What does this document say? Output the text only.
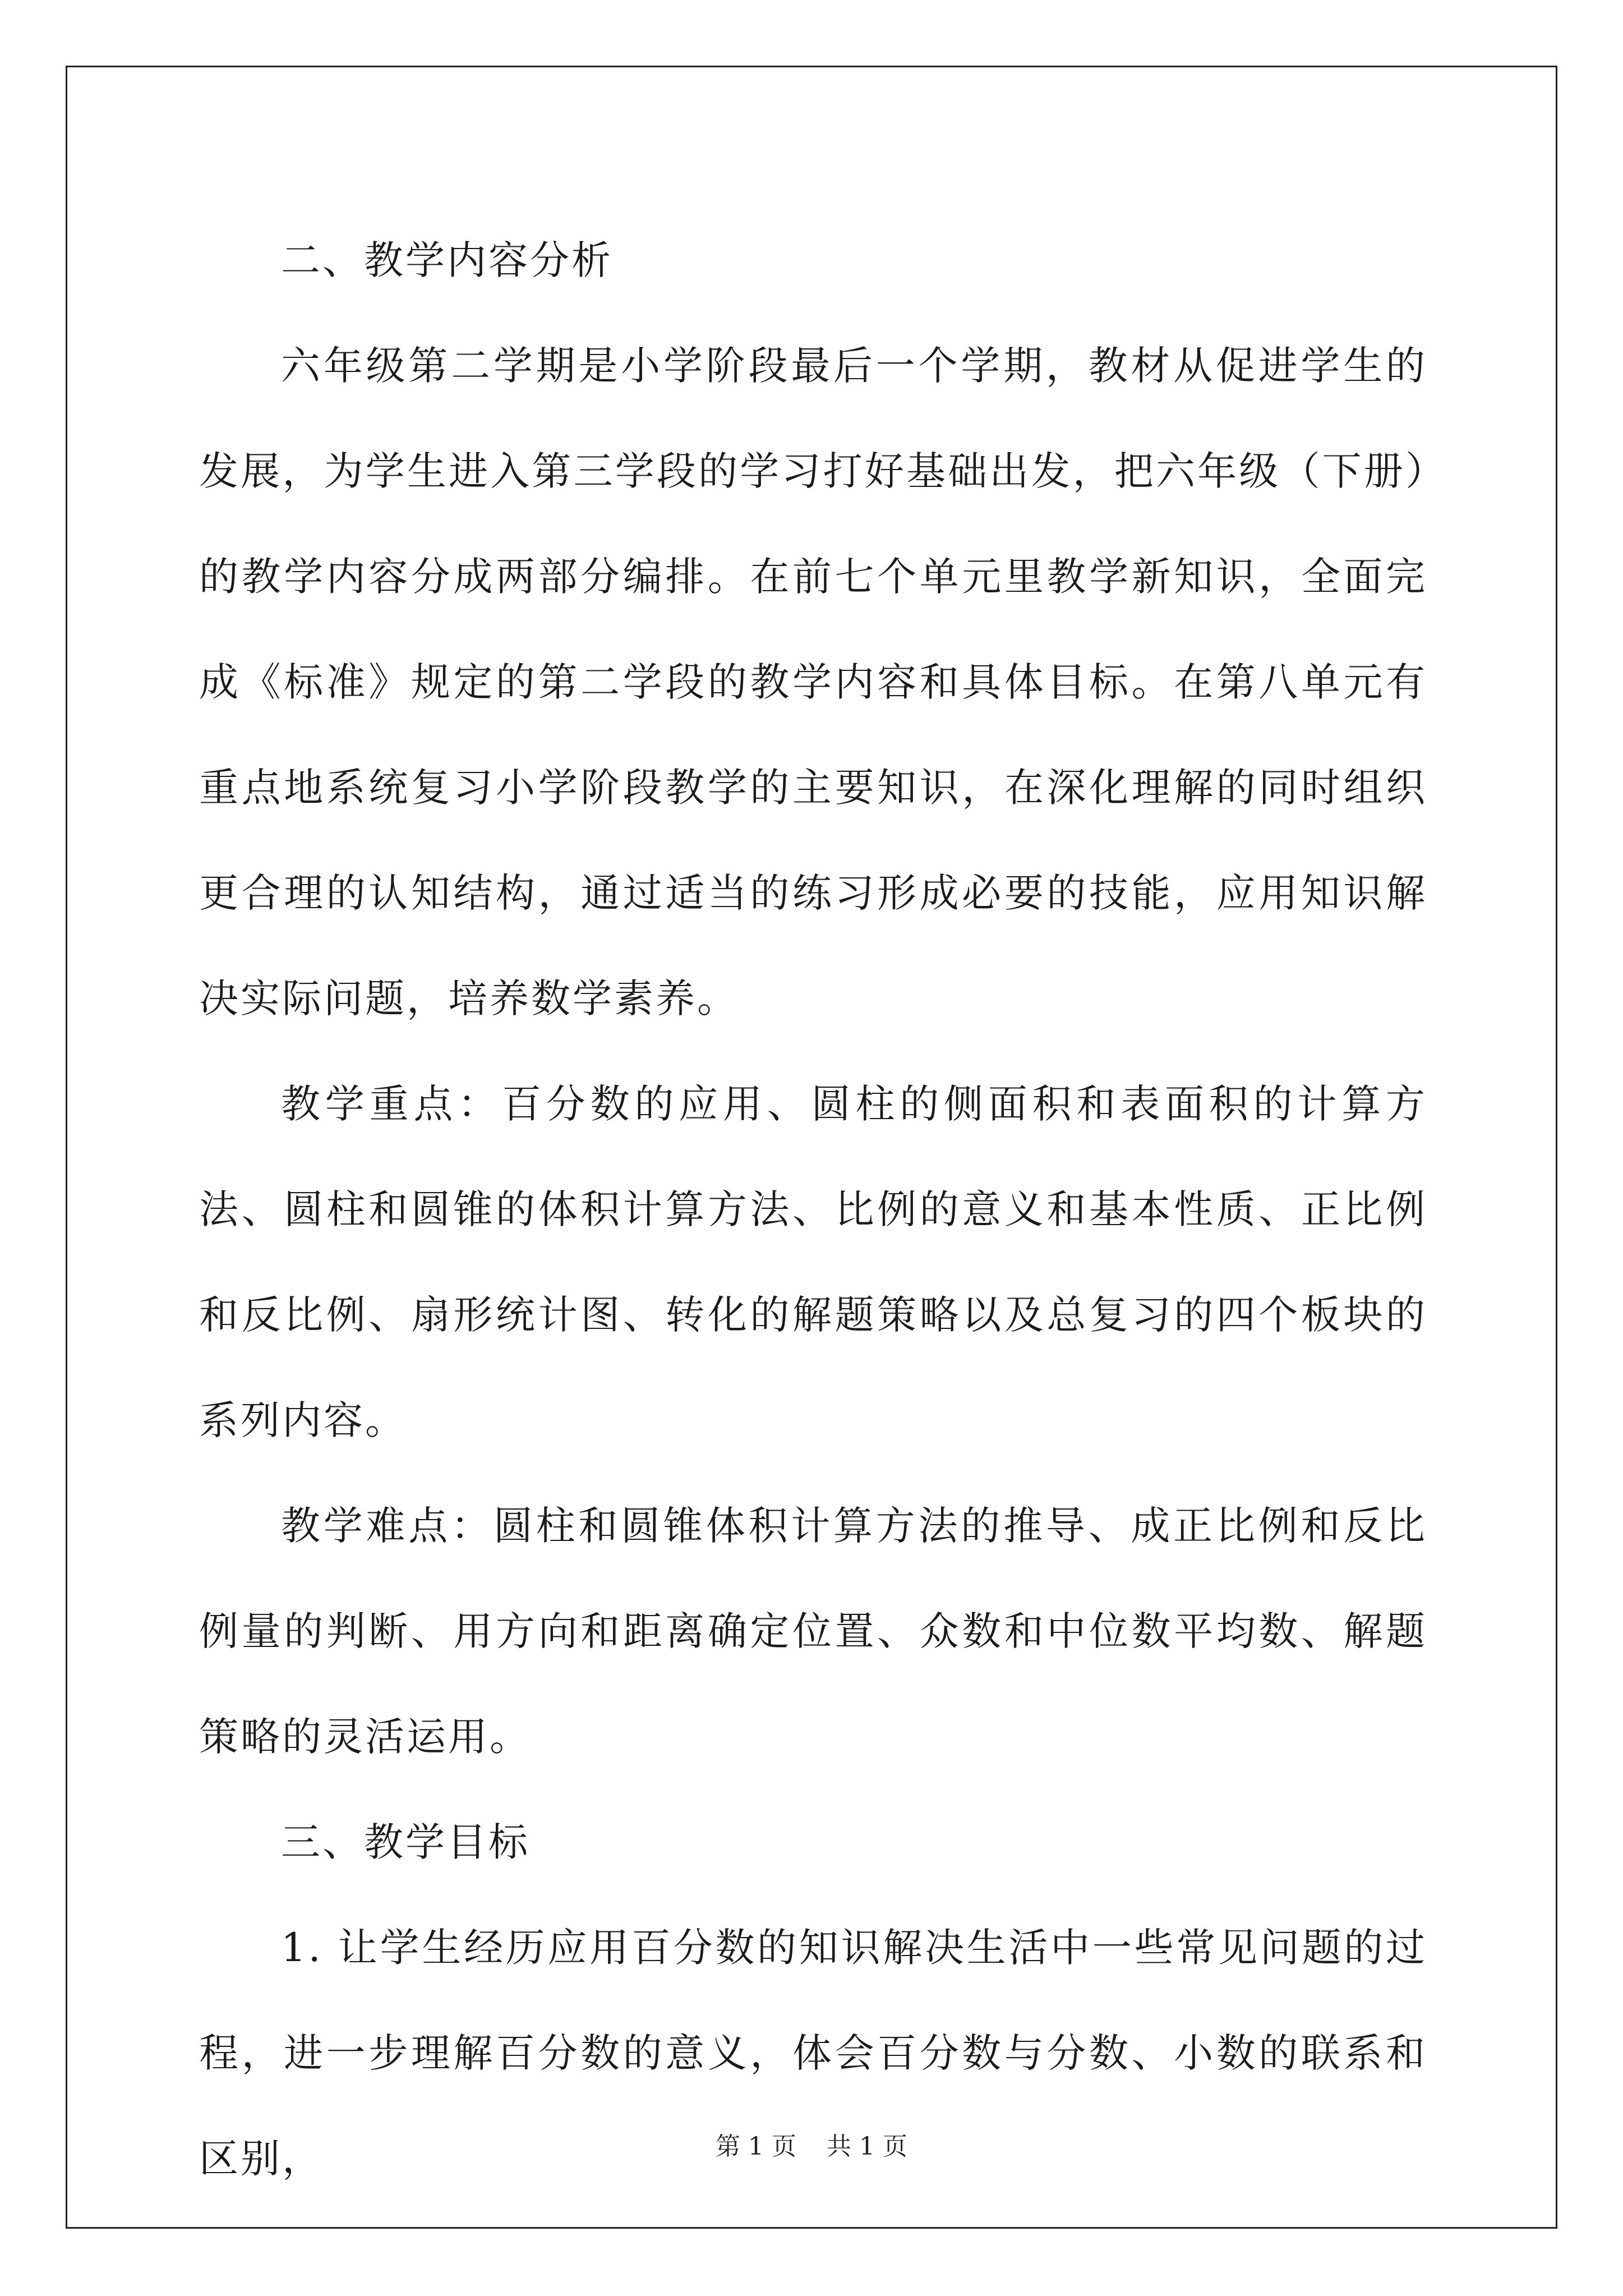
二、教学内容分析

六年级第二学期是小学阶段最后一个学期，教材从促进学生的发展，为学生进入第三学段的学习打好基础出发，把六年级（下册）的教学内容分成两部分编排。在前七个单元里教学新知识，全面完成《标准》规定的第二学段的教学内容和具体目标。在第八单元有重点地系统复习小学阶段教学的主要知识，在深化理解的同时组织更合理的认知结构，通过适当的练习形成必要的技能，应用知识解决实际问题，培养数学素养。

教学重点：百分数的应用、圆柱的侧面积和表面积的计算方法、圆柱和圆锥的体积计算方法、比例的意义和基本性质、正比例和反比例、扇形统计图、转化的解题策略以及总复习的四个板块的系列内容。

教学难点：圆柱和圆锥体积计算方法的推导、成正比例和反比例量的判断、用方向和距离确定位置、众数和中位数平均数、解题策略的灵活运用。

三、教学目标

1. 让学生经历应用百分数的知识解决生活中一些常见问题的过程，进一步理解百分数的意义，体会百分数与分数、小数的联系和区别，	第 1 页 共 1 页
